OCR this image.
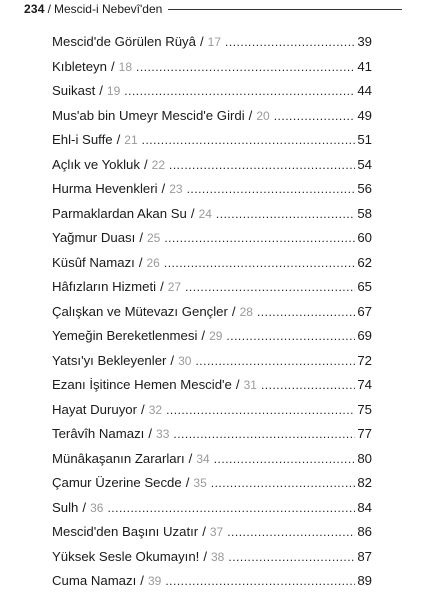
234 / Mescid-i Nebevî'den
Mescid'de Görülen Rüyâ / 17 .....	39
Kıbleteyn / 18 .....	41
Suikast / 19 .....	44
Mus'ab bin Umeyr Mescid'e Girdi / 20 .....	49
Ehl-i Suffe / 21 .....	51
Açlık ve Yokluk / 22 .....	54
Hurma Hevenkleri / 23 .....	56
Parmaklardan Akan Su / 24 .....	58
Yağmur Duası / 25 .....	60
Küsûf Namazı / 26 .....	62
Hâfızların Hizmeti / 27 .....	65
Çalışkan ve Mütevazı Gençler / 28 .....	67
Yemeğin Bereketlenmesi / 29 .....	69
Yatsı'yı Bekleyenler / 30 .....	72
Ezanı İşitince Hemen Mescid'e / 31 .....	74
Hayat Duruyor / 32 .....	75
Terâvîh Namazı / 33 .....	77
Münâkaşanın Zararları / 34 .....	80
Çamur Üzerine Secde / 35 .....	82
Sulh / 36 .....	84
Mescid'den Başını Uzatır / 37 .....	86
Yüksek Sesle Okumayın! / 38 .....	87
Cuma Namazı / 39 .....	89
